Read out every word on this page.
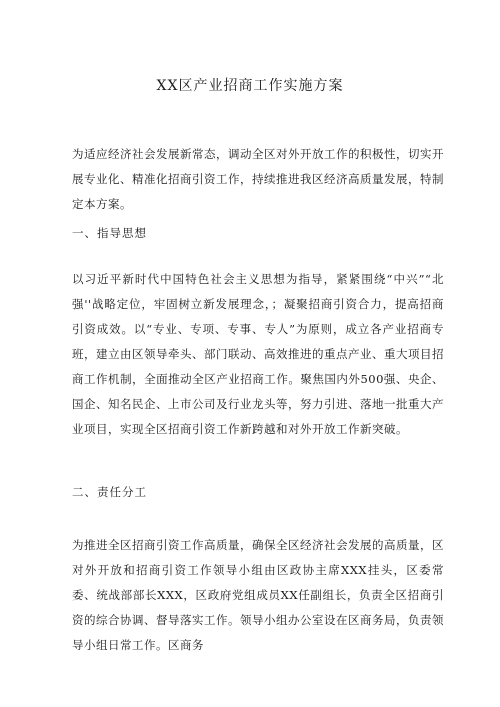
XX区产业招商工作实施方案
为适应经济社会发展新常态，调动全区对外开放工作的积极性，切实开展专业化、精准化招商引资工作，持续推进我区经济高质量发展，特制定本方案。
一、指导思想
以习近平新时代中国特色社会主义思想为指导，紧紧围绕“中兴”“北强''战略定位，牢固树立新发展理念，；凝聚招商引资合力，提高招商引资成效。以“专业、专项、专事、专人”为原则，成立各产业招商专班，建立由区领导牵头、部门联动、高效推进的重点产业、重大项目招商工作机制，全面推动全区产业招商工作。聚焦国内外500强、央企、国企、知名民企、上市公司及行业龙头等，努力引进、落地一批重大产业项目，实现全区招商引资工作新跨越和对外开放工作新突破。
二、责任分工
为推进全区招商引资工作高质量，确保全区经济社会发展的高质量，区对外开放和招商引资工作领导小组由区政协主席XXX挂头，区委常委、统战部部长XXX，区政府党组成员XX任副组长，负责全区招商引资的综合协调、督导落实工作。领导小组办公室设在区商务局，负责领导小组日常工作。区商务
